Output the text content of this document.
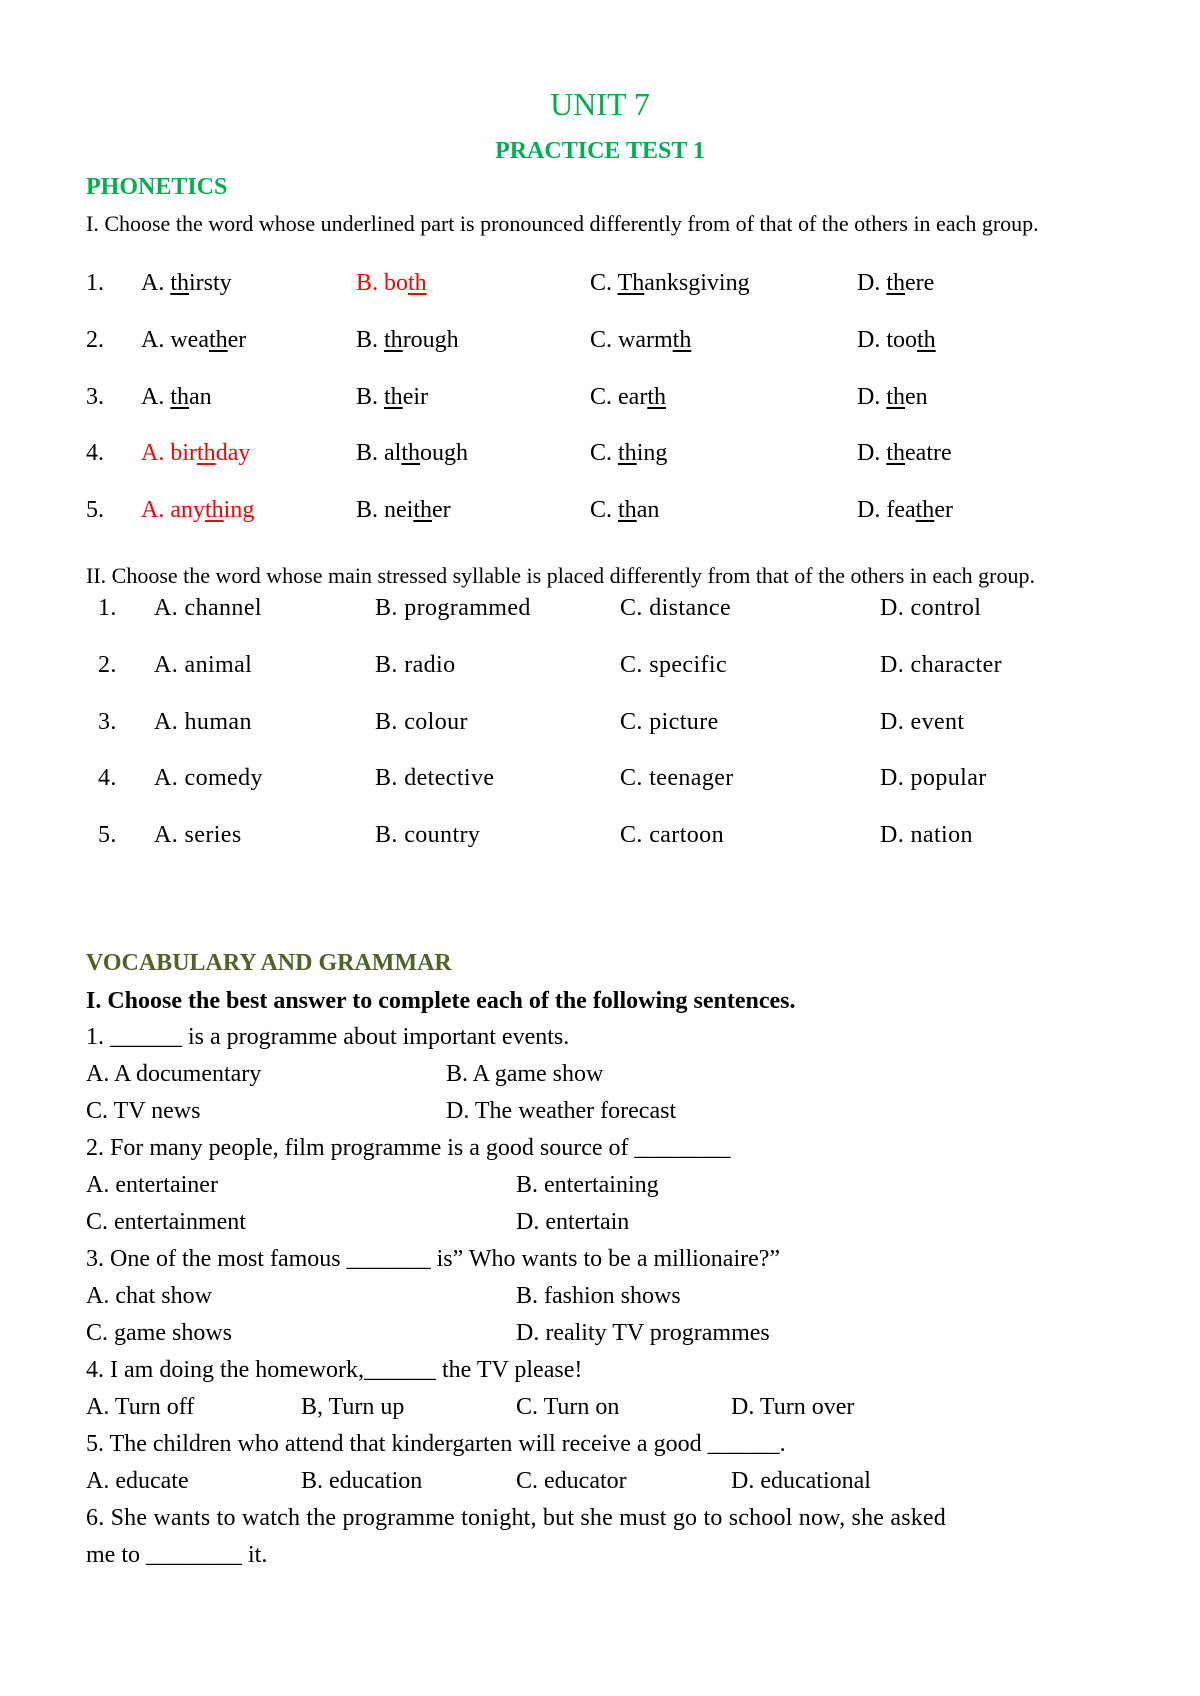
UNIT 7
PRACTICE TEST 1
PHONETICS
I. Choose the word whose underlined part is pronounced differently from of that of the others in each group.
1. A. thirsty	B. both	C. Thanksgiving	D. there
2. A. weather	B. through	C. warmth	D. tooth
3. A. than	B. their	C. earth	D. then
4. A. birthday	B. although	C. thing	D. theatre
5. A. anything	B. neither	C. than	D. feather
II. Choose the word whose main stressed syllable is placed differently from that of the others in each group.
1. A. channel	B. programmed	C. distance	D. control
2. A. animal	B. radio	C. specific	D. character
3. A. human	B. colour	C. picture	D. event
4. A. comedy	B. detective	C. teenager	D. popular
5. A. series	B. country	C. cartoon	D. nation
VOCABULARY AND GRAMMAR
I. Choose the best answer to complete each of the following sentences.
1. ______ is a programme about important events.
A. A documentary	B. A game show
C. TV news	D. The weather forecast
2. For many people, film programme is a good source of ________
A. entertainer	B. entertaining
C. entertainment	D. entertain
3. One of the most famous _______ is” Who wants to be a millionaire?”
A. chat show	B. fashion shows
C. game shows	D. reality TV programmes
4. I am doing the homework,______ the TV please!
A. Turn off	B, Turn up	C. Turn on	D. Turn over
5. The children who attend that kindergarten will receive a good ______.
A. educate	B. education	C. educator	D. educational
6. She wants to watch the programme tonight, but she must go to school now, she asked
me to ________ it.
